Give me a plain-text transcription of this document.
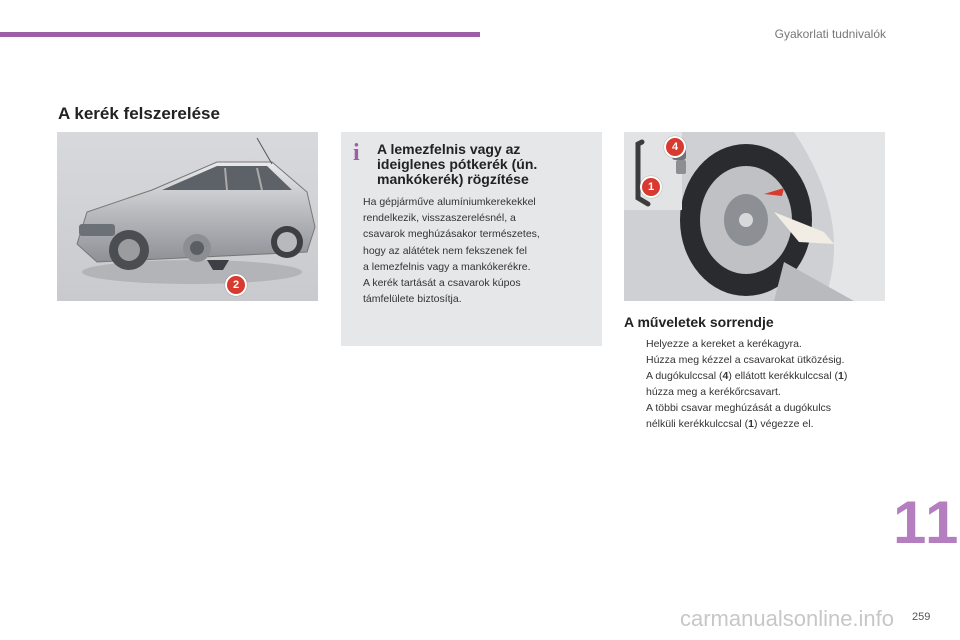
Gyakorlati tudnivalók
A kerék felszerelése
2
i A lemezfelnis vagy az ideiglenes pótkerék (ún. mankókerék) rögzítése

Ha gépjárműve alumíniumkerekekkel

rendelkezik, visszaszerelésnél, a

csavarok meghúzásakor természetes,

hogy az alátétek nem fekszenek fel

a lemezfelnis vagy a mankókerékre.

A kerék tartását a csavarok kúpos

támfelülete biztosítja.

4
1
A műveletek sorrendje
Helyezze a kereket a kerékagyra.
Húzza meg kézzel a csavarokat ütközésig.
A dugókulccsal (4) ellátott kerékkulccsal (1)
húzza meg a kerékőrcsavart.
A többi csavar meghúzását a dugókulcs
nélküli kerékkulccsal (1) végezze el.
11
carmanualsonline.info 259
